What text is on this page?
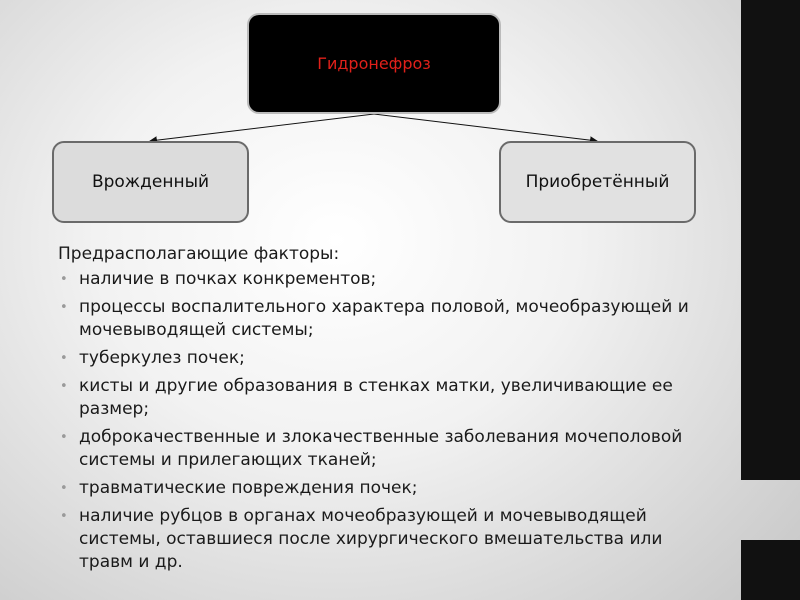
Гидронефроз
Врожденный	Приобретённый
Предрасполагающие факторы:
• наличие в почках конкрементов;
• процессы воспалительного характера половой, мочеобразующей и мочевыводящей системы;
• туберкулез почек;
• кисты и другие образования в стенках матки, увеличивающие ее размер;
• доброкачественные и злокачественные заболевания мочеполовой системы и прилегающих тканей;
• травматические повреждения почек;
• наличие рубцов в органах мочеобразующей и мочевыводящей системы, оставшиеся после хирургического вмешательства или травм и др.
